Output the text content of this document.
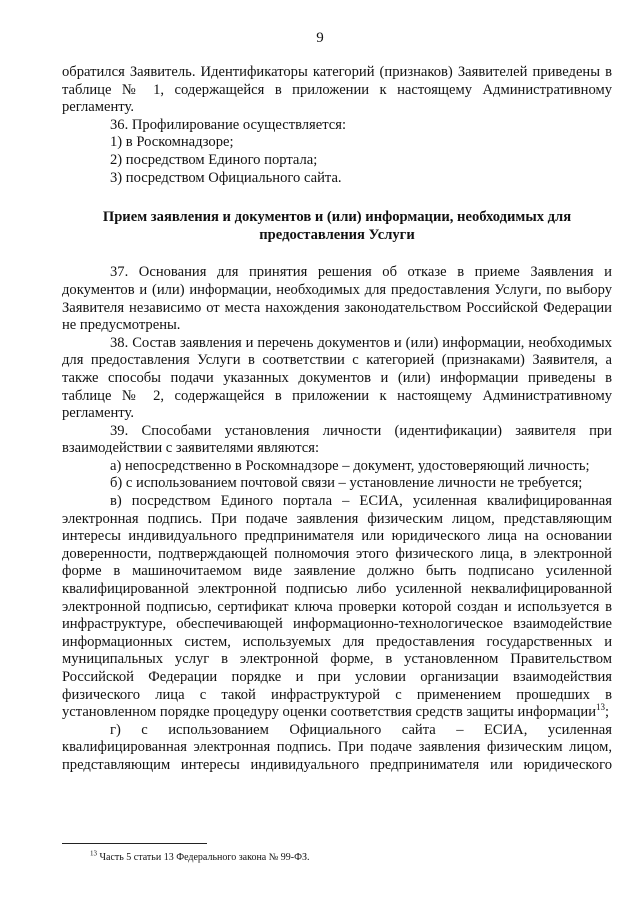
9

обратился Заявитель. Идентификаторы категорий (признаков) Заявителей приведены в таблице № 1, содержащейся в приложении к настоящему Административному регламенту.

36. Профилирование осуществляется:

1) в Роскомнадзоре;

2) посредством Единого портала;

3) посредством Официального сайта.

Прием заявления и документов и (или) информации, необходимых для предоставления Услуги

37. Основания для принятия решения об отказе в приеме Заявления и документов и (или) информации, необходимых для предоставления Услуги, по выбору Заявителя независимо от места нахождения законодательством Российской Федерации не предусмотрены.

38. Состав заявления и перечень документов и (или) информации, необходимых для предоставления Услуги в соответствии с категорией (признаками) Заявителя, а также способы подачи указанных документов и (или) информации приведены в таблице № 2, содержащейся в приложении к настоящему Административному регламенту.

39. Способами установления личности (идентификации) заявителя при взаимодействии с заявителями являются:

а) непосредственно в Роскомнадзоре – документ, удостоверяющий личность;

б) с использованием почтовой связи – установление личности не требуется;

в) посредством Единого портала – ЕСИА, усиленная квалифицированная электронная подпись. При подаче заявления физическим лицом, представляющим интересы индивидуального предпринимателя или юридического лица на основании доверенности, подтверждающей полномочия этого физического лица, в электронной форме в машиночитаемом виде заявление должно быть подписано усиленной квалифицированной электронной подписью либо усиленной неквалифицированной электронной подписью, сертификат ключа проверки которой создан и используется в инфраструктуре, обеспечивающей информационно-технологическое взаимодействие информационных систем, используемых для предоставления государственных и муниципальных услуг в электронной форме, в установленном Правительством Российской Федерации порядке и при условии организации взаимодействия физического лица с такой инфраструктурой с применением прошедших в установленном порядке процедуру оценки соответствия средств защиты информации$^{13}$;

г) с использованием Официального сайта – ЕСИА, усиленная квалифицированная электронная подпись. При подаче заявления физическим лицом, представляющим интересы индивидуального предпринимателя или юридического

$^{13}$ Часть 5 статьи 13 Федерального закона № 99-ФЗ.
